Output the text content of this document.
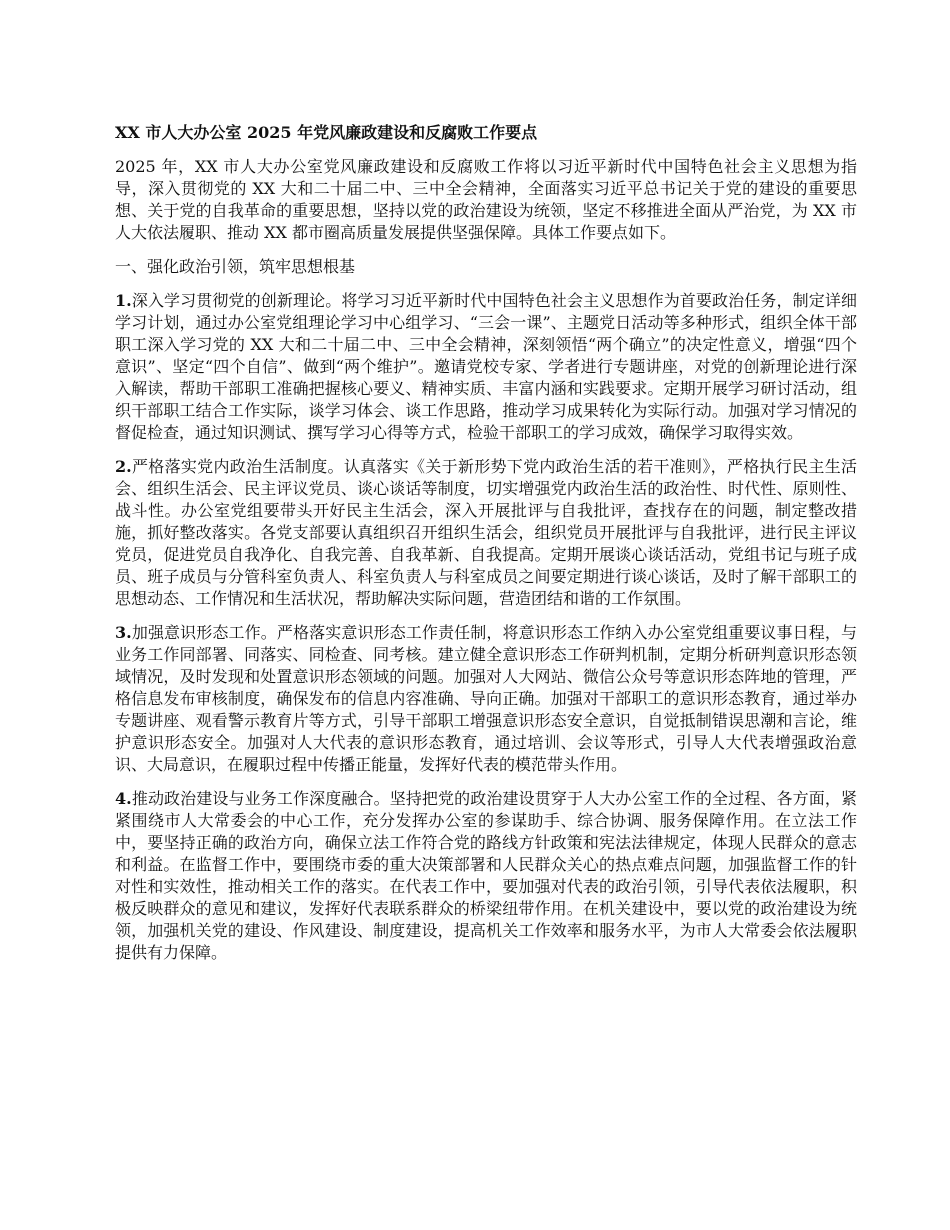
XX 市人大办公室 2025 年党风廉政建设和反腐败工作要点

2025 年，XX 市人大办公室党风廉政建设和反腐败工作将以习近平新时代中国特色社会主义思想为指导，深入贯彻党的 XX 大和二十届二中、三中全会精神，全面落实习近平总书记关于党的建设的重要思想、关于党的自我革命的重要思想，坚持以党的政治建设为统领，坚定不移推进全面从严治党，为 XX 市人大依法履职、推动 XX 都市圈高质量发展提供坚强保障。具体工作要点如下。

一、强化政治引领，筑牢思想根基

1.深入学习贯彻党的创新理论。将学习习近平新时代中国特色社会主义思想作为首要政治任务，制定详细学习计划，通过办公室党组理论学习中心组学习、“三会一课”、主题党日活动等多种形式，组织全体干部职工深入学习党的 XX 大和二十届二中、三中全会精神，深刻领悟“两个确立”的决定性意义，增强“四个意识”、坚定“四个自信”、做到“两个维护”。邀请党校专家、学者进行专题讲座，对党的创新理论进行深入解读，帮助干部职工准确把握核心要义、精神实质、丰富内涵和实践要求。定期开展学习研讨活动，组织干部职工结合工作实际，谈学习体会、谈工作思路，推动学习成果转化为实际行动。加强对学习情况的督促检查，通过知识测试、撰写学习心得等方式，检验干部职工的学习成效，确保学习取得实效。

2.严格落实党内政治生活制度。认真落实《关于新形势下党内政治生活的若干准则》，严格执行民主生活会、组织生活会、民主评议党员、谈心谈话等制度，切实增强党内政治生活的政治性、时代性、原则性、战斗性。办公室党组要带头开好民主生活会，深入开展批评与自我批评，查找存在的问题，制定整改措施，抓好整改落实。各党支部要认真组织召开组织生活会，组织党员开展批评与自我批评，进行民主评议党员，促进党员自我净化、自我完善、自我革新、自我提高。定期开展谈心谈话活动，党组书记与班子成员、班子成员与分管科室负责人、科室负责人与科室成员之间要定期进行谈心谈话，及时了解干部职工的思想动态、工作情况和生活状况，帮助解决实际问题，营造团结和谐的工作氛围。

3.加强意识形态工作。严格落实意识形态工作责任制，将意识形态工作纳入办公室党组重要议事日程，与业务工作同部署、同落实、同检查、同考核。建立健全意识形态工作研判机制，定期分析研判意识形态领域情况，及时发现和处置意识形态领域的问题。加强对人大网站、微信公众号等意识形态阵地的管理，严格信息发布审核制度，确保发布的信息内容准确、导向正确。加强对干部职工的意识形态教育，通过举办专题讲座、观看警示教育片等方式，引导干部职工增强意识形态安全意识，自觉抵制错误思潮和言论，维护意识形态安全。加强对人大代表的意识形态教育，通过培训、会议等形式，引导人大代表增强政治意识、大局意识，在履职过程中传播正能量，发挥好代表的模范带头作用。

4.推动政治建设与业务工作深度融合。坚持把党的政治建设贯穿于人大办公室工作的全过程、各方面，紧紧围绕市人大常委会的中心工作，充分发挥办公室的参谋助手、综合协调、服务保障作用。在立法工作中，要坚持正确的政治方向，确保立法工作符合党的路线方针政策和宪法法律规定，体现人民群众的意志和利益。在监督工作中，要围绕市委的重大决策部署和人民群众关心的热点难点问题，加强监督工作的针对性和实效性，推动相关工作的落实。在代表工作中，要加强对代表的政治引领，引导代表依法履职，积极反映群众的意见和建议，发挥好代表联系群众的桥梁纽带作用。在机关建设中，要以党的政治建设为统领，加强机关党的建设、作风建设、制度建设，提高机关工作效率和服务水平，为市人大常委会依法履职提供有力保障。
